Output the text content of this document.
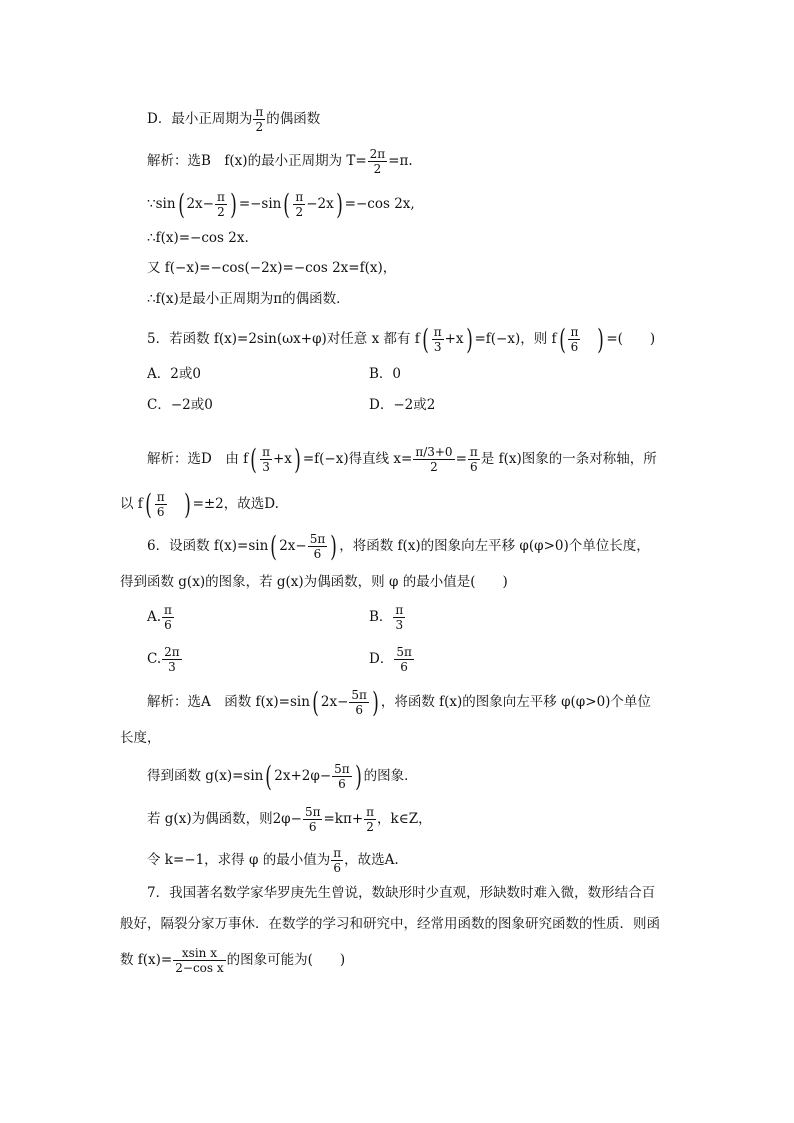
D．最小正周期为 $\frac{\pi}{2}$ 的偶函数
解析：选B　f(x)的最小正周期为 $T= \frac{2\pi}{2} =\pi$.
∵sin( $2x- \frac{\pi}{2}$ ) $=-\sin( \frac{\pi}{2} -2x) =-\cos$ 2x,
∴f(x)=−cos 2x.
又 f(−x)=−cos(−2x)=−cos 2x=f(x)，
∴f(x)是最小正周期为π的偶函数．
5．若函数 f(x)=2sin(ωx+φ)对任意 x 都有 $f( \frac{\pi}{3} +x) =f(-x)$，则 $f( \frac{\pi}{6}$ ) =(　　)
A．2或0	B．0
C．−2或0	D．−2或2
解析：选D　由 $f( \frac{\pi}{3} +x) =f(-x)$得直线 $x= \frac{\pi/3+0}{2} = \frac{\pi}{6}$ 是 f(x)图象的一条对称轴，所
以 $f( \frac{\pi}{6}$ ) =±2，故选D.
6．设函数 f(x)=sin( $2x- \frac{5\pi}{6}$ ) ，将函数 f(x)的图象向左平移 φ(φ>0)个单位长度，
得到函数 g(x)的图象，若 g(x)为偶函数，则 φ 的最小值是(　　)
A. $\frac{\pi}{6}$	B． $\frac{\pi}{3}$
C. $\frac{2\pi}{3}$	D． $\frac{5\pi}{6}$
解析：选A　函数 f(x)=sin( $2x- \frac{5\pi}{6}$ ) ，将函数 f(x)的图象向左平移 φ(φ>0)个单位
长度，
得到函数 g(x)=sin( $2x+2\varphi- \frac{5\pi}{6}$ ) 的图象．
若 g(x)为偶函数，则$2\varphi- \frac{5\pi}{6} =k\pi+ \frac{\pi}{2}$ ，k∈Z，
令 k=−1，求得 φ 的最小值为 $\frac{\pi}{6}$ ，故选A.
7．我国著名数学家华罗庚先生曾说，数缺形时少直观，形缺数时难入微，数形结合百
般好，隔裂分家万事休．在数学的学习和研究中，经常用函数的图象研究函数的性质．则函
数 $f(x)= \frac{\text{xsin x}}{\text{2−cos x}}$ 的图象可能为(　　)
